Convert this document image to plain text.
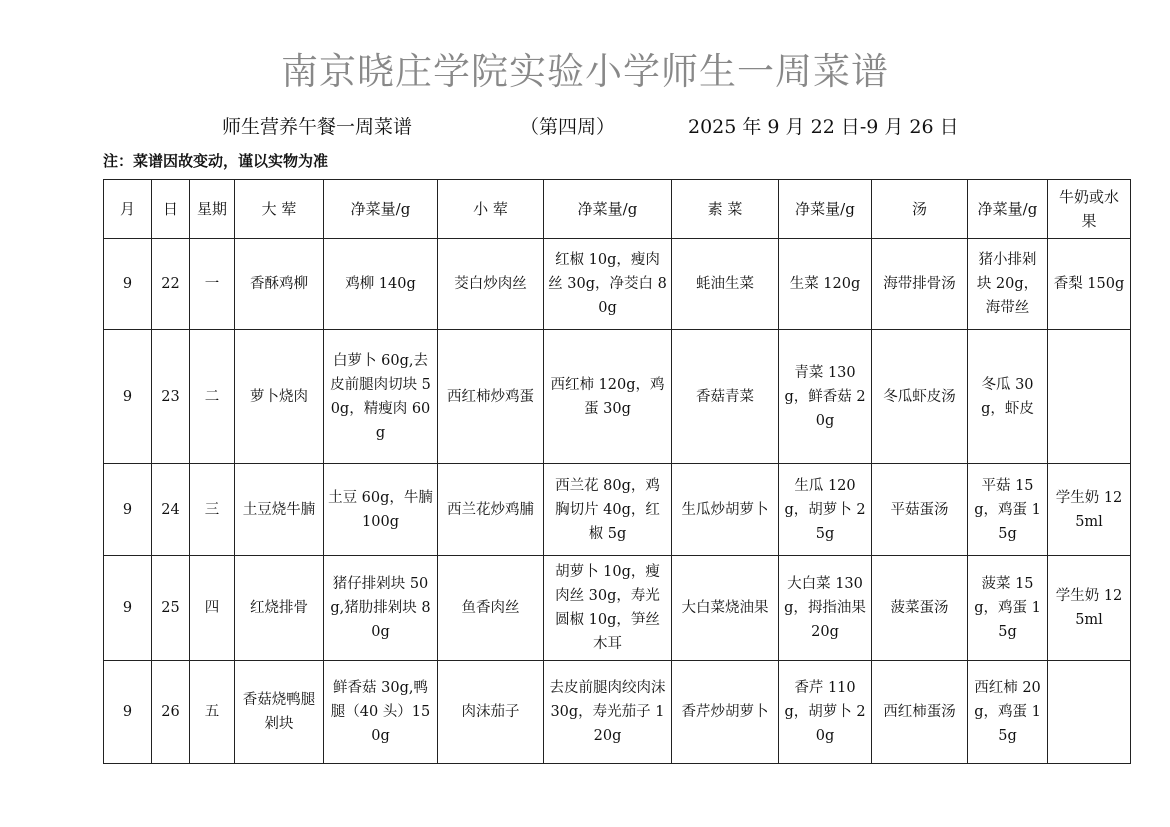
南京晓庄学院实验小学师生一周菜谱
师生营养午餐一周菜谱	（第四周）	2025 年 9 月 22 日-9 月 26 日
注：菜谱因故变动，谨以实物为准
月	日	星期	大 荤	净菜量/g	小 荤	净菜量/g	素 菜	净菜量/g	汤	净菜量/g	牛奶或水果
9	22	一	香酥鸡柳	鸡柳 140g	茭白炒肉丝	红椒 10g，瘦肉丝 30g，净茭白 80g	蚝油生菜	生菜 120g	海带排骨汤	猪小排剁块 20g，海带丝	香梨 150g
9	23	二	萝卜烧肉	白萝卜 60g,去皮前腿肉切块 50g，精瘦肉 60g	西红柿炒鸡蛋	西红柿 120g，鸡蛋 30g	香菇青菜	青菜 130g，鲜香菇 20g	冬瓜虾皮汤	冬瓜 30g，虾皮	
9	24	三	土豆烧牛腩	土豆 60g，牛腩 100g	西兰花炒鸡脯	西兰花 80g，鸡胸切片 40g，红椒 5g	生瓜炒胡萝卜	生瓜 120g，胡萝卜 25g	平菇蛋汤	平菇 15g，鸡蛋 15g	学生奶 125ml
9	25	四	红烧排骨	猪仔排剁块 50g,猪肋排剁块 80g	鱼香肉丝	胡萝卜 10g，瘦肉丝 30g，寿光圆椒 10g，笋丝木耳	大白菜烧油果	大白菜 130g，拇指油果 20g	菠菜蛋汤	菠菜 15g，鸡蛋 15g	学生奶 125ml
9	26	五	香菇烧鸭腿剁块	鲜香菇 30g,鸭腿（40 头）150g	肉沫茄子	去皮前腿肉绞肉沫 30g，寿光茄子 120g	香芹炒胡萝卜	香芹 110g，胡萝卜 20g	西红柿蛋汤	西红柿 20g，鸡蛋 15g	
